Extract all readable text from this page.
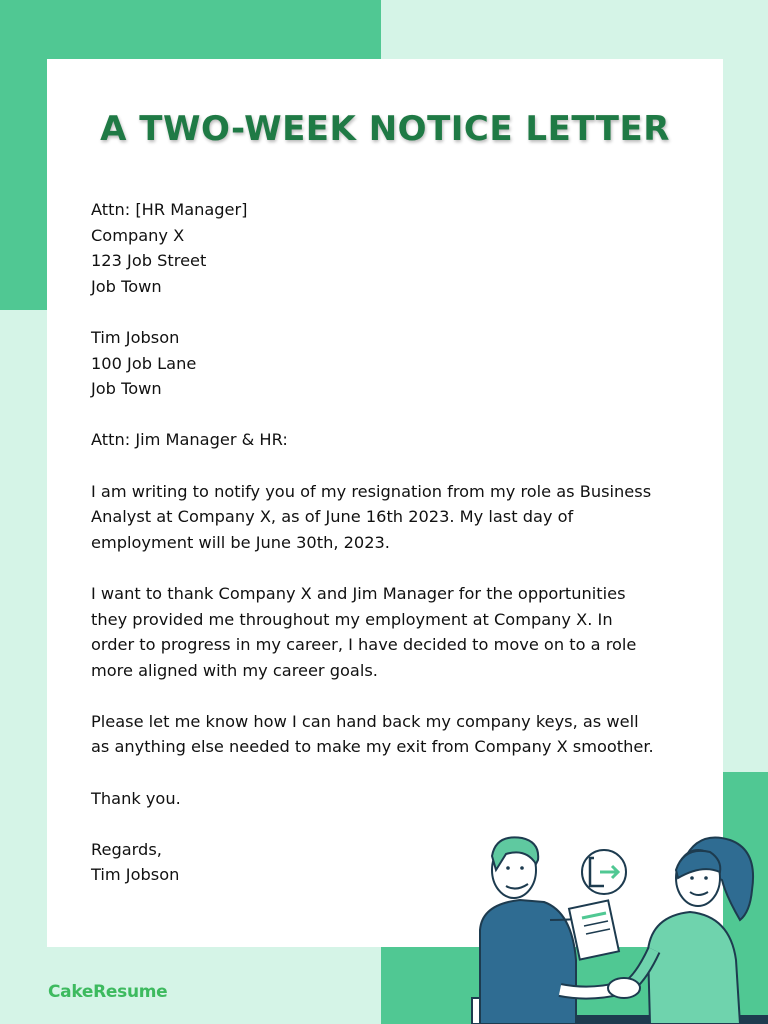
A TWO-WEEK NOTICE LETTER
Attn: [HR Manager]
Company X
123 Job Street
Job Town
Tim Jobson
100 Job Lane
Job Town
Attn: Jim Manager & HR:
I am writing to notify you of my resignation from my role as Business
Analyst at Company X, as of June 16th 2023. My last day of
employment will be June 30th, 2023.
I want to thank Company X and Jim Manager for the opportunities
they provided me throughout my employment at Company X. In
order to progress in my career, I have decided to move on to a role
more aligned with my career goals.
Please let me know how I can hand back my company keys, as well
as anything else needed to make my exit from Company X smoother.
Thank you.
Regards,
Tim Jobson
CakeResume
